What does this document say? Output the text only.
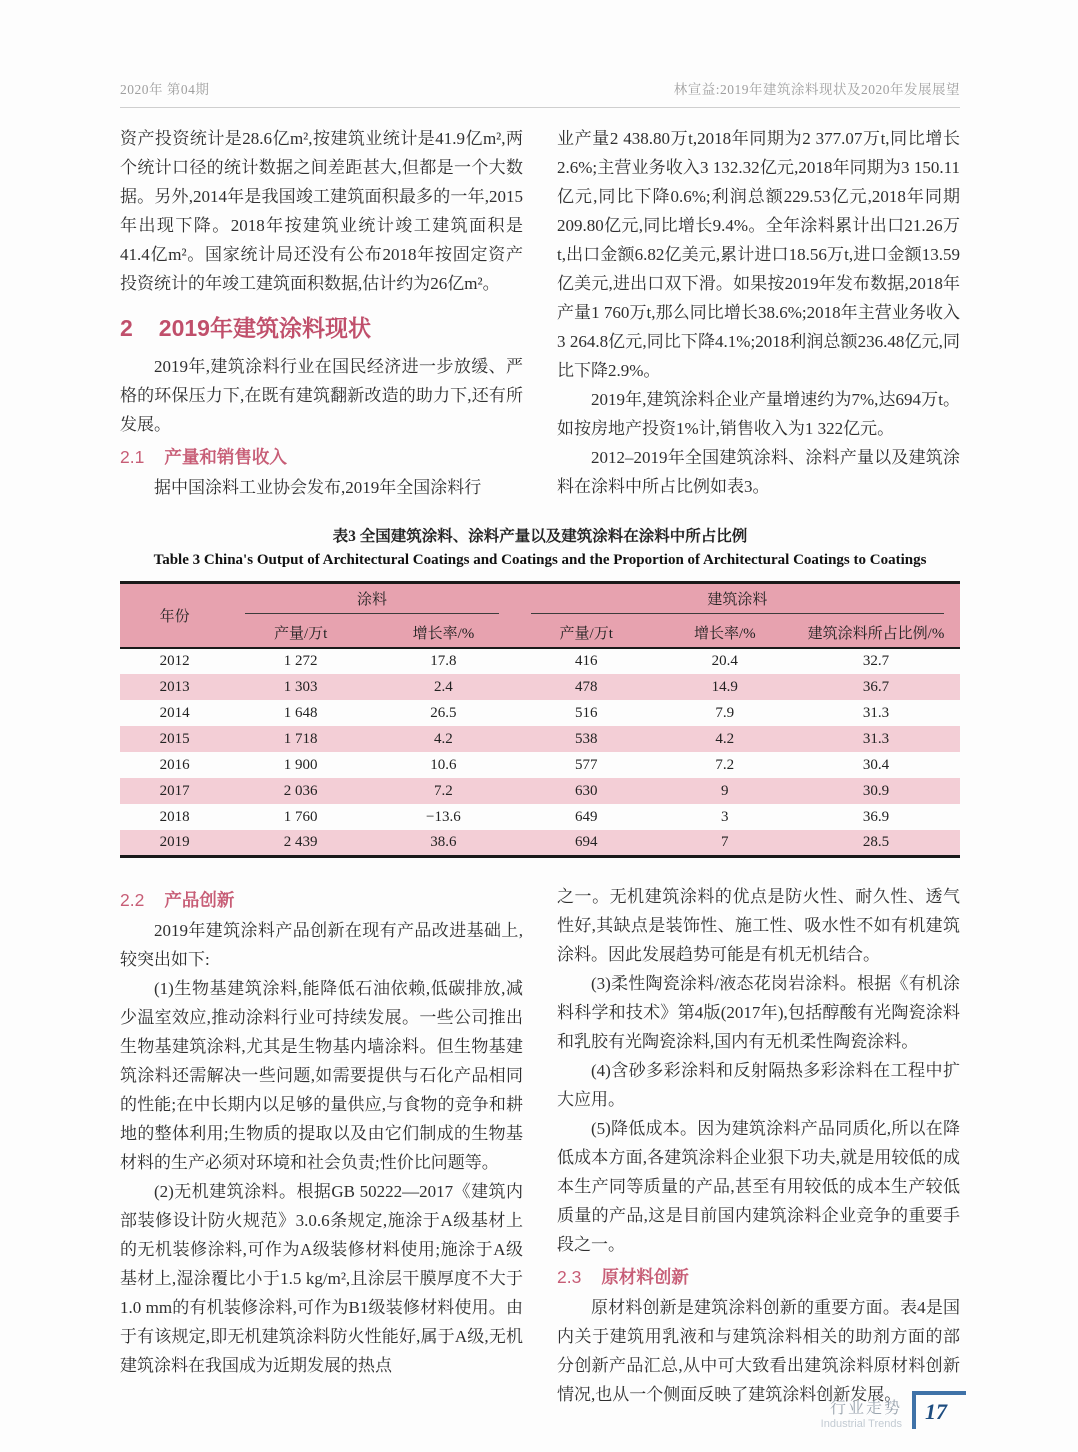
2020年 第04期	林宣益:2019年建筑涂料现状及2020年发展展望

资产投资统计是28.6亿m²,按建筑业统计是41.9亿m²,两个统计口径的统计数据之间差距甚大,但都是一个大数据。另外,2014年是我国竣工建筑面积最多的一年,2015年出现下降。2018年按建筑业统计竣工建筑面积是41.4亿m²。国家统计局还没有公布2018年按固定资产投资统计的年竣工建筑面积数据,估计约为26亿m²。

2 2019年建筑涂料现状

2019年,建筑涂料行业在国民经济进一步放缓、严格的环保压力下,在既有建筑翻新改造的助力下,还有所发展。

2.1 产量和销售收入

据中国涂料工业协会发布,2019年全国涂料行

业产量2 438.80万t,2018年同期为2 377.07万t,同比增长2.6%;主营业务收入3 132.32亿元,2018年同期为3 150.11亿元,同比下降0.6%;利润总额229.53亿元,2018年同期209.80亿元,同比增长9.4%。全年涂料累计出口21.26万t,出口金额6.82亿美元,累计进口18.56万t,进口金额13.59亿美元,进出口双下滑。如果按2019年发布数据,2018年产量1 760万t,那么同比增长38.6%;2018年主营业务收入3 264.8亿元,同比下降4.1%;2018利润总额236.48亿元,同比下降2.9%。

2019年,建筑涂料企业产量增速约为7%,达694万t。如按房地产投资1%计,销售收入为1 322亿元。

2012–2019年全国建筑涂料、涂料产量以及建筑涂料在涂料中所占比例如表3。

表3 全国建筑涂料、涂料产量以及建筑涂料在涂料中所占比例
Table 3 China's Output of Architectural Coatings and Coatings and the Proportion of Architectural Coatings to Coatings
年份	涂料		建筑涂料		

	产量/万t	增长率/%	产量/万t	增长率/%	建筑涂料所占比例/%
2012	1 272	17.8	416	20.4	32.7
2013	1 303	2.4	478	14.9	36.7
2014	1 648	26.5	516	7.9	31.3
2015	1 718	4.2	538	4.2	31.3
2016	1 900	10.6	577	7.2	30.4
2017	2 036	7.2	630	9	30.9
2018	1 760	−13.6	649	3	36.9
2019	2 439	38.6	694	7	28.5
2.2 产品创新

2019年建筑涂料产品创新在现有产品改进基础上,较突出如下:

(1)生物基建筑涂料,能降低石油依赖,低碳排放,减少温室效应,推动涂料行业可持续发展。一些公司推出生物基建筑涂料,尤其是生物基内墙涂料。但生物基建筑涂料还需解决一些问题,如需要提供与石化产品相同的性能;在中长期内以足够的量供应,与食物的竞争和耕地的整体利用;生物质的提取以及由它们制成的生物基材料的生产必须对环境和社会负责;性价比问题等。

(2)无机建筑涂料。根据GB 50222—2017《建筑内部装修设计防火规范》3.0.6条规定,施涂于A级基材上的无机装修涂料,可作为A级装修材料使用;施涂于A级基材上,湿涂覆比小于1.5 kg/m²,且涂层干膜厚度不大于1.0 mm的有机装修涂料,可作为B1级装修材料使用。由于有该规定,即无机建筑涂料防火性能好,属于A级,无机建筑涂料在我国成为近期发展的热点

之一。无机建筑涂料的优点是防火性、耐久性、透气性好,其缺点是装饰性、施工性、吸水性不如有机建筑涂料。因此发展趋势可能是有机无机结合。

(3)柔性陶瓷涂料/液态花岗岩涂料。根据《有机涂料科学和技术》第4版(2017年),包括醇酸有光陶瓷涂料和乳胶有光陶瓷涂料,国内有无机柔性陶瓷涂料。

(4)含砂多彩涂料和反射隔热多彩涂料在工程中扩大应用。

(5)降低成本。因为建筑涂料产品同质化,所以在降低成本方面,各建筑涂料企业狠下功夫,就是用较低的成本生产同等质量的产品,甚至有用较低的成本生产较低质量的产品,这是目前国内建筑涂料企业竞争的重要手段之一。

2.3 原材料创新

原材料创新是建筑涂料创新的重要方面。表4是国内关于建筑用乳液和与建筑涂料相关的助剂方面的部分创新产品汇总,从中可大致看出建筑涂料原材料创新情况,也从一个侧面反映了建筑涂料创新发展。

行业走势
Industrial Trends 17
